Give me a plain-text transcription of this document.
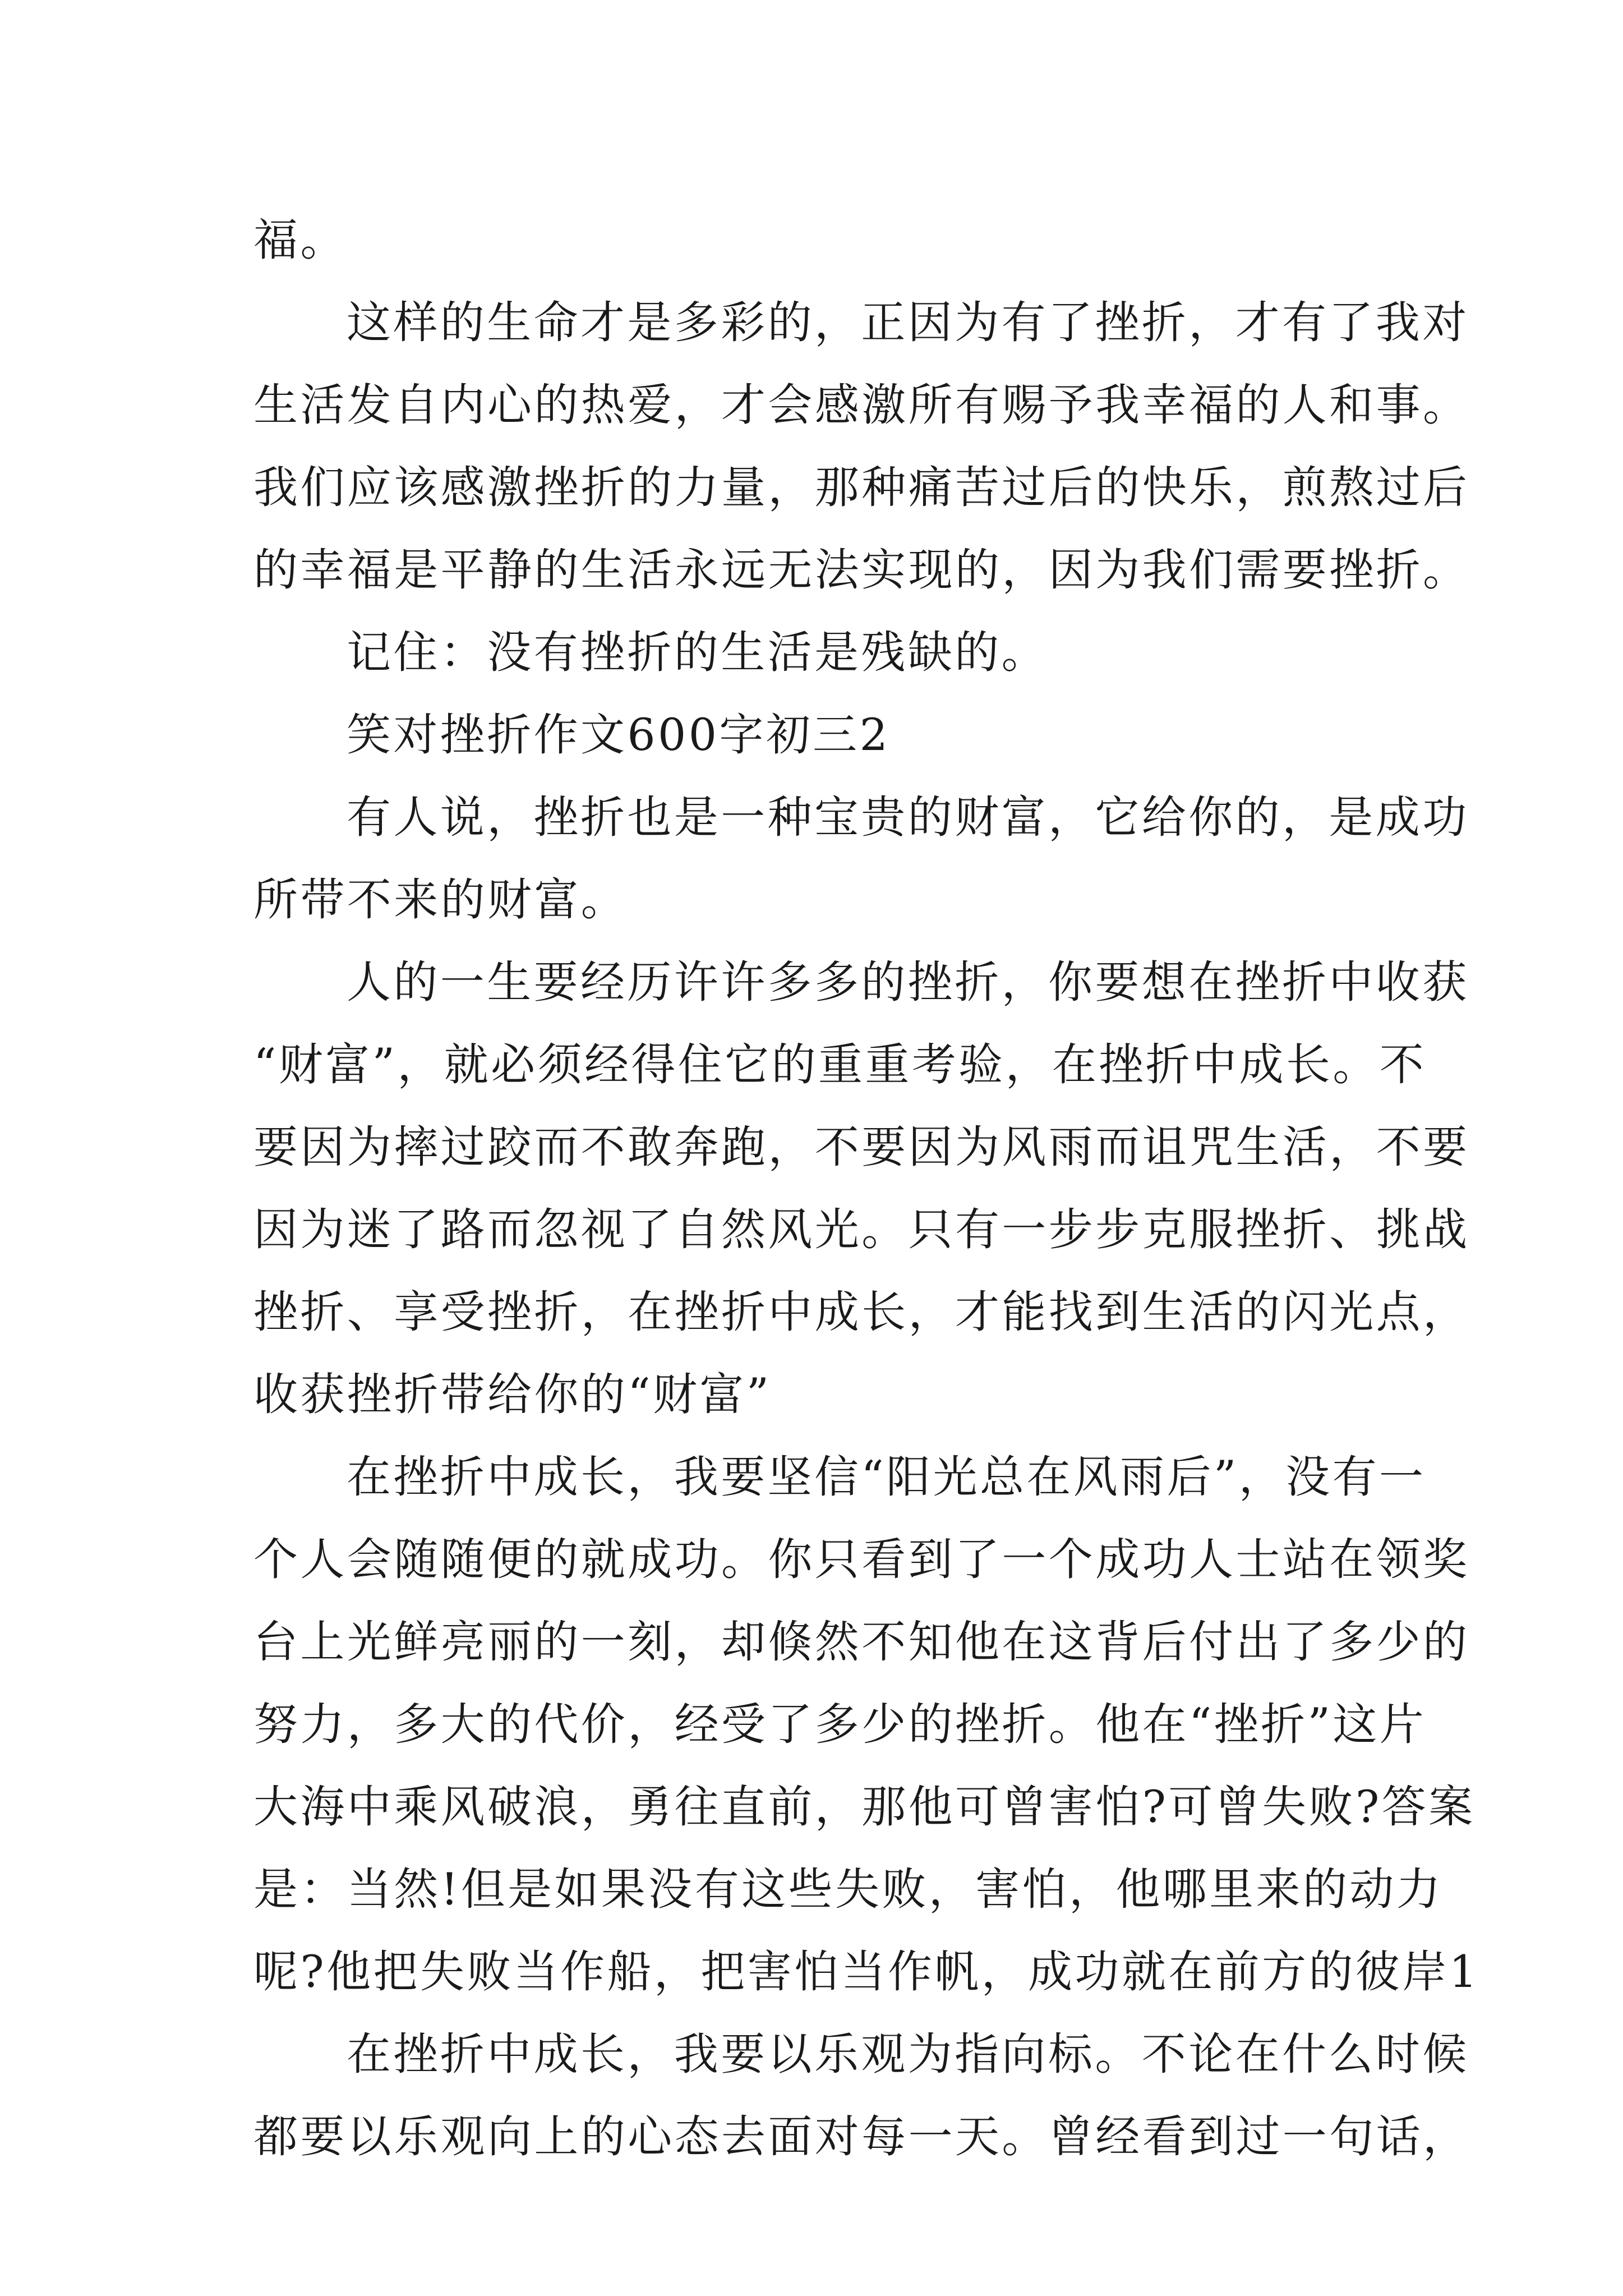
福。

这样的生命才是多彩的，正因为有了挫折，才有了我对
生活发自内心的热爱，才会感激所有赐予我幸福的人和事。
我们应该感激挫折的力量，那种痛苦过后的快乐，煎熬过后
的幸福是平静的生活永远无法实现的，因为我们需要挫折。

记住：没有挫折的生活是残缺的。

笑对挫折作文600字初三2

有人说，挫折也是一种宝贵的财富，它给你的，是成功
所带不来的财富。

人的一生要经历许许多多的挫折，你要想在挫折中收获
“财富”，就必须经得住它的重重考验，在挫折中成长。不
要因为摔过跤而不敢奔跑，不要因为风雨而诅咒生活，不要
因为迷了路而忽视了自然风光。只有一步步克服挫折、挑战
挫折、享受挫折，在挫折中成长，才能找到生活的闪光点，
收获挫折带给你的“财富”

在挫折中成长，我要坚信“阳光总在风雨后”，没有一
个人会随随便的就成功。你只看到了一个成功人士站在领奖
台上光鲜亮丽的一刻，却倏然不知他在这背后付出了多少的
努力，多大的代价，经受了多少的挫折。他在“挫折”这片
大海中乘风破浪，勇往直前，那他可曾害怕?可曾失败?答案
是：当然!但是如果没有这些失败，害怕，他哪里来的动力
呢?他把失败当作船，把害怕当作帆，成功就在前方的彼岸1

在挫折中成长，我要以乐观为指向标。不论在什么时候
都要以乐观向上的心态去面对每一天。曾经看到过一句话，
